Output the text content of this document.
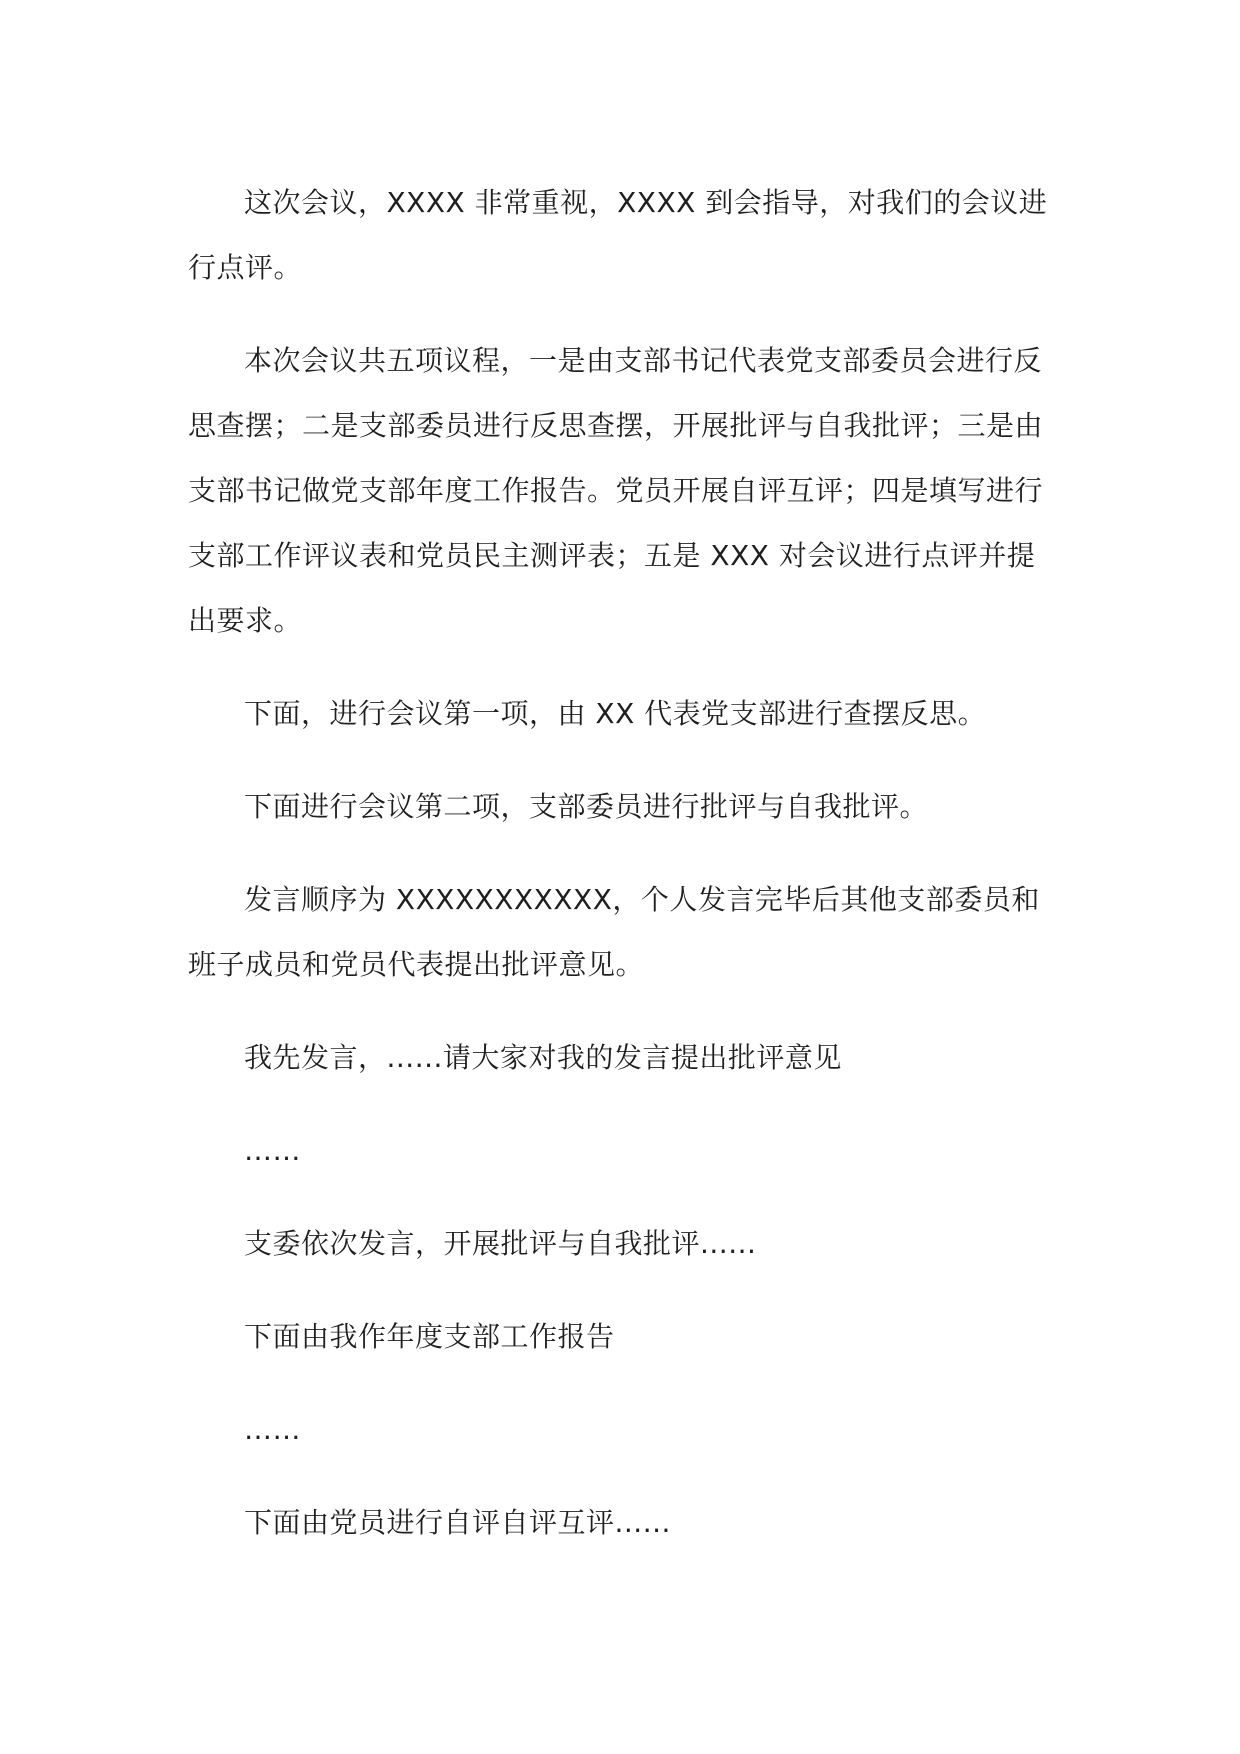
这次会议，XXXX 非常重视，XXXX 到会指导，对我们的会议进行点评。

本次会议共五项议程，一是由支部书记代表党支部委员会进行反思查摆；二是支部委员进行反思查摆，开展批评与自我批评；三是由支部书记做党支部年度工作报告。党员开展自评互评；四是填写进行支部工作评议表和党员民主测评表；五是 XXX 对会议进行点评并提出要求。

下面，进行会议第一项，由 XX 代表党支部进行查摆反思。

下面进行会议第二项，支部委员进行批评与自我批评。

发言顺序为 XXXXXXXXXXX，个人发言完毕后其他支部委员和班子成员和党员代表提出批评意见。

我先发言，......请大家对我的发言提出批评意见

……

支委依次发言，开展批评与自我批评......

下面由我作年度支部工作报告

……

下面由党员进行自评自评互评......
